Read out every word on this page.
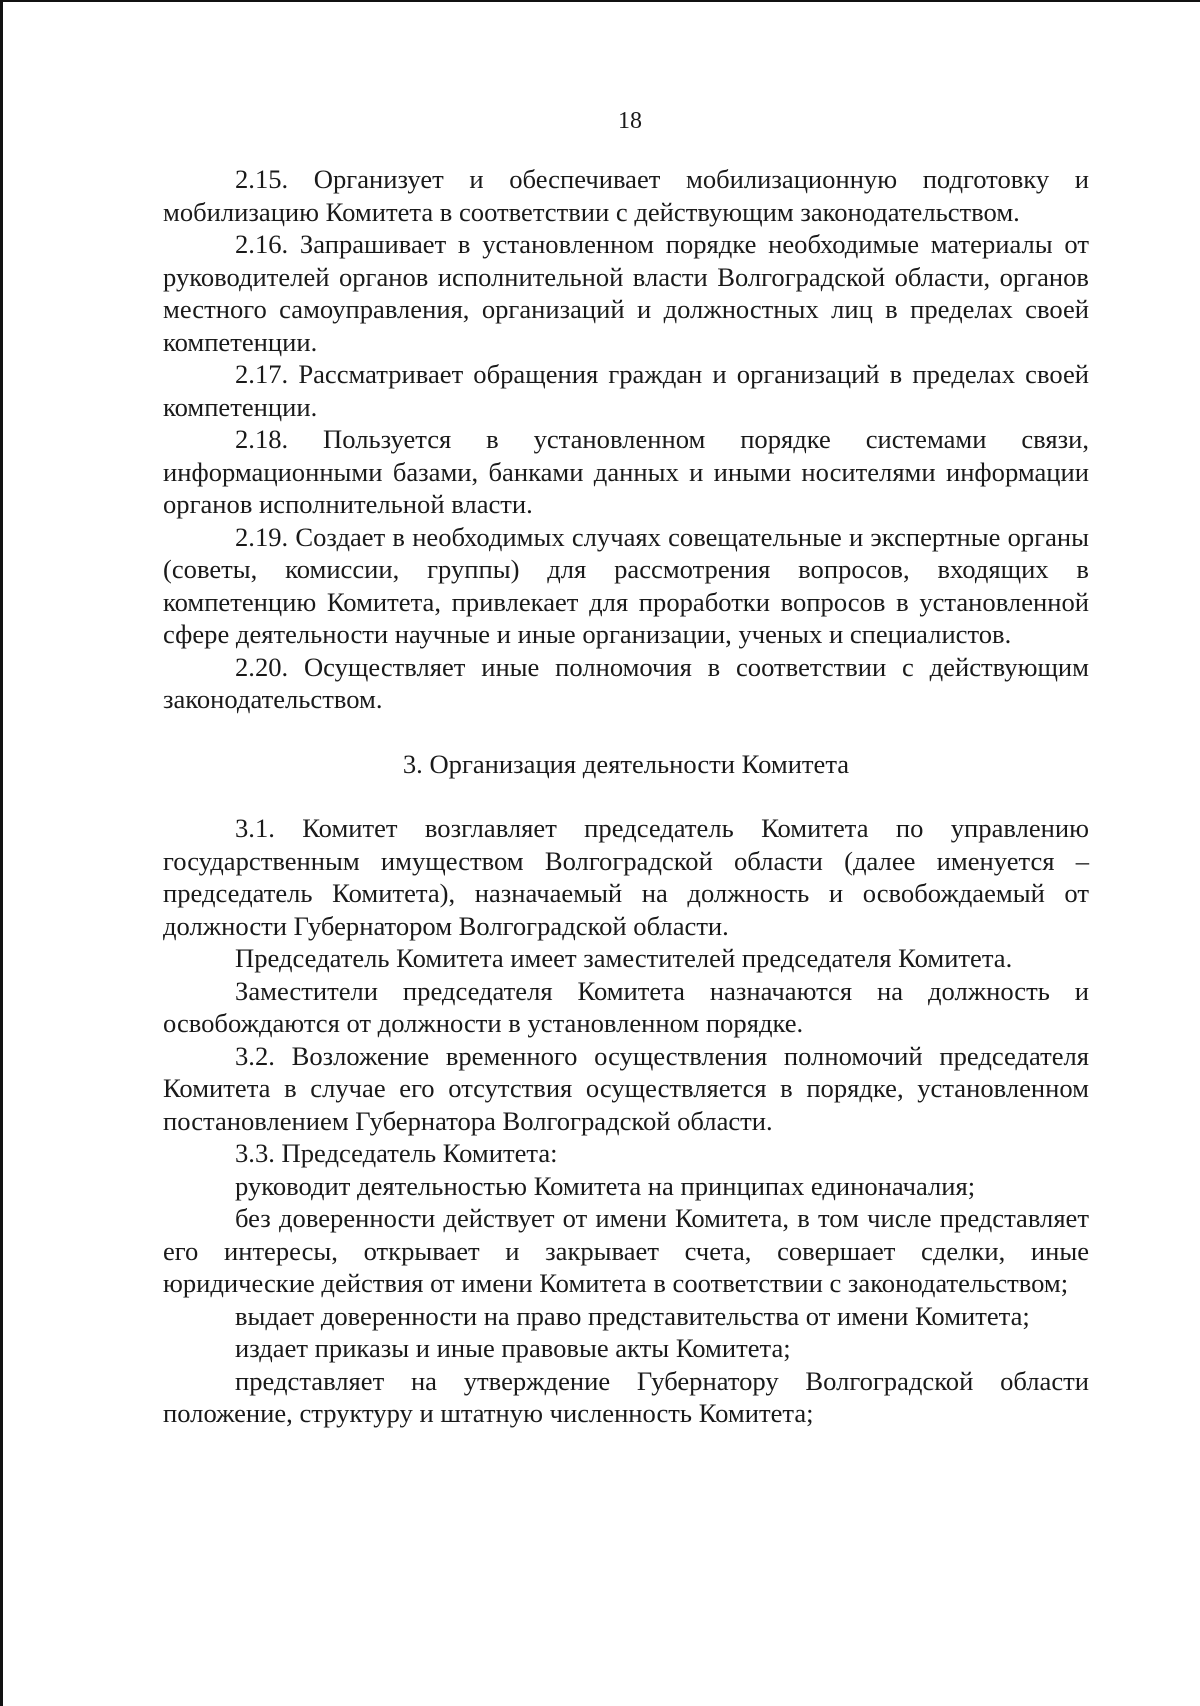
18

2.15. Организует и обеспечивает мобилизационную подготовку и мобилизацию Комитета в соответствии с действующим законодательством.

2.16. Запрашивает в установленном порядке необходимые материалы от руководителей органов исполнительной власти Волгоградской области, органов местного самоуправления, организаций и должностных лиц в пределах своей компетенции.

2.17. Рассматривает обращения граждан и организаций в пределах своей компетенции.

2.18. Пользуется в установленном порядке системами связи, информационными базами, банками данных и иными носителями информации органов исполнительной власти.

2.19. Создает в необходимых случаях совещательные и экспертные органы (советы, комиссии, группы) для рассмотрения вопросов, входящих в компетенцию Комитета, привлекает для проработки вопросов в установленной сфере деятельности научные и иные организации, ученых и специалистов.

2.20. Осуществляет иные полномочия в соответствии с действующим законодательством.

3. Организация деятельности Комитета

3.1. Комитет возглавляет председатель Комитета по управлению государственным имуществом Волгоградской области (далее именуется – председатель Комитета), назначаемый на должность и освобождаемый от должности Губернатором Волгоградской области.

Председатель Комитета имеет заместителей председателя Комитета.

Заместители председателя Комитета назначаются на должность и освобождаются от должности в установленном порядке.

3.2. Возложение временного осуществления полномочий председателя Комитета в случае его отсутствия осуществляется в порядке, установленном постановлением Губернатора Волгоградской области.

3.3. Председатель Комитета:

руководит деятельностью Комитета на принципах единоначалия;

без доверенности действует от имени Комитета, в том числе представляет его интересы, открывает и закрывает счета, совершает сделки, иные юридические действия от имени Комитета в соответствии с законодательством;

выдает доверенности на право представительства от имени Комитета;

издает приказы и иные правовые акты Комитета;

представляет на утверждение Губернатору Волгоградской области положение, структуру и штатную численность Комитета;
